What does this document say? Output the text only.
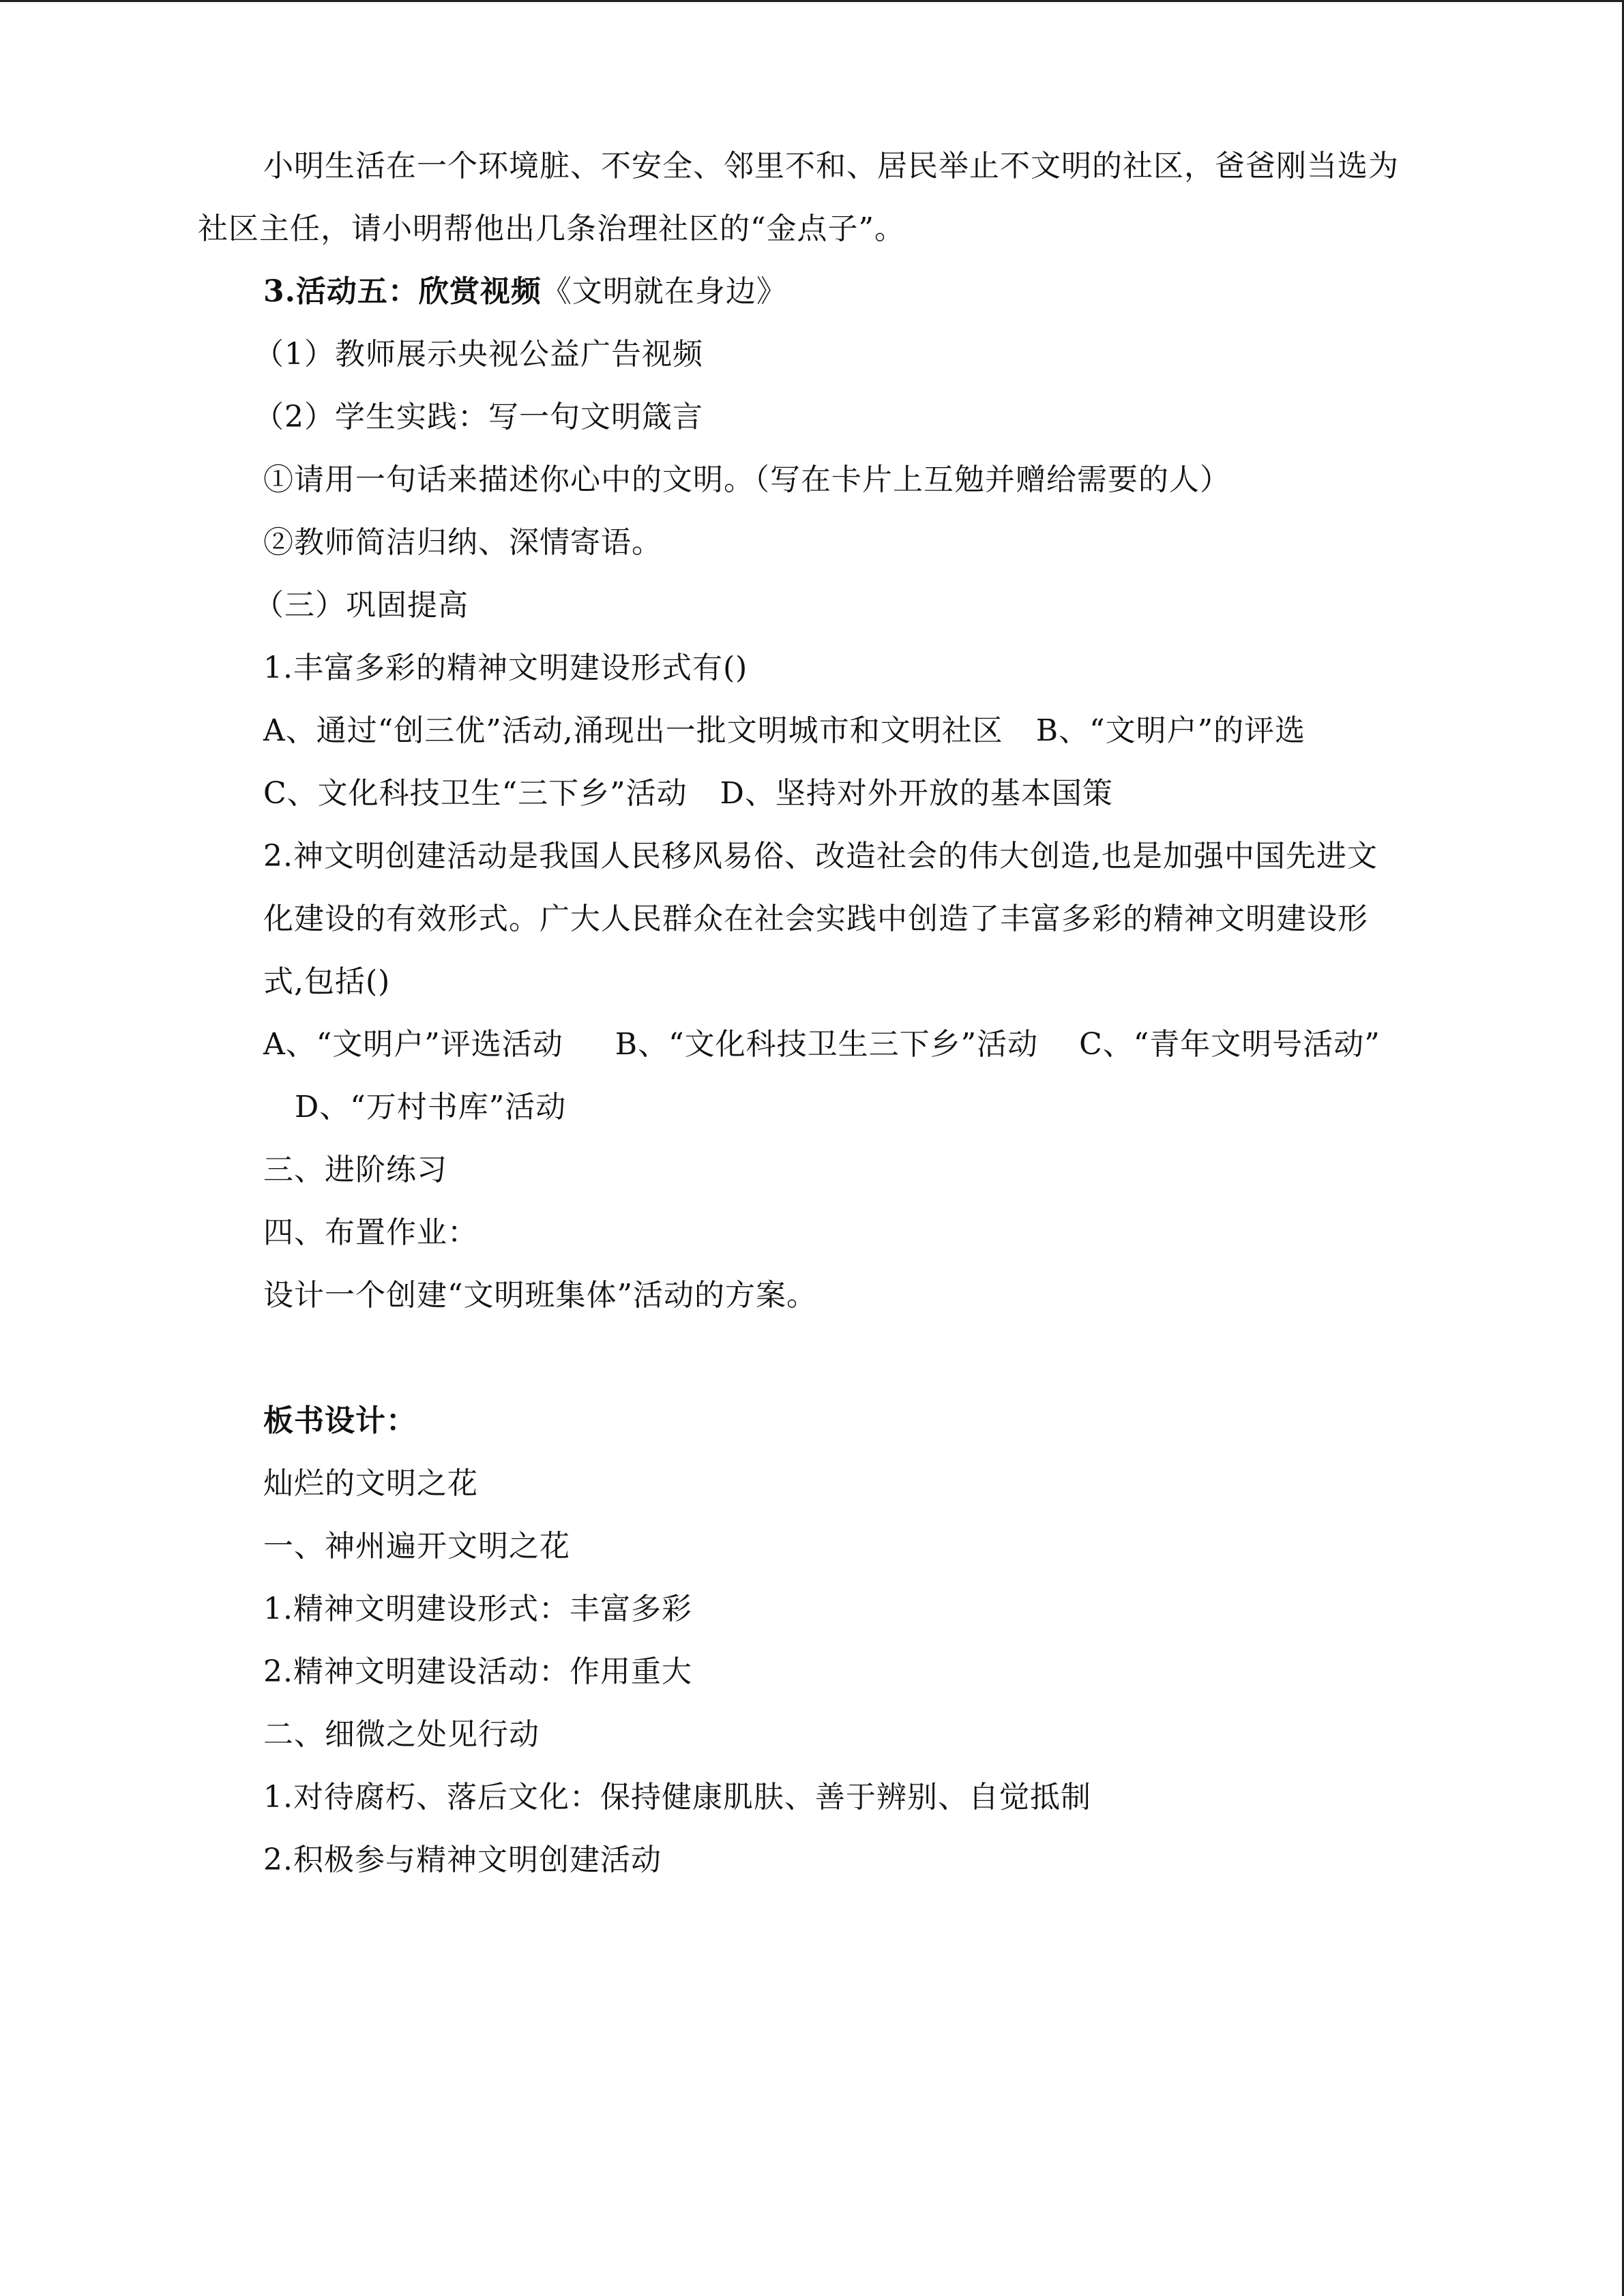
小明生活在一个环境脏、不安全、邻里不和、居民举止不文明的社区，爸爸刚当选为
社区主任，请小明帮他出几条治理社区的“金点子”。
3.活动五：欣赏视频《文明就在身边》
（1）教师展示央视公益广告视频
（2）学生实践：写一句文明箴言
①请用一句话来描述你心中的文明。（写在卡片上互勉并赠给需要的人）
②教师简洁归纳、深情寄语。
（三）巩固提高
1.丰富多彩的精神文明建设形式有()
A、通过“创三优”活动,涌现出一批文明城市和文明社区 B、“文明户”的评选
C、文化科技卫生“三下乡”活动 D、坚持对外开放的基本国策
2.神文明创建活动是我国人民移风易俗、改造社会的伟大创造,也是加强中国先进文
化建设的有效形式。广大人民群众在社会实践中创造了丰富多彩的精神文明建设形
式,包括()
A、“文明户”评选活动 B、“文化科技卫生三下乡”活动 C、“青年文明号活动”
D、“万村书库”活动
三、进阶练习
四、布置作业：
设计一个创建“文明班集体”活动的方案。
板书设计：
灿烂的文明之花
一、神州遍开文明之花
1.精神文明建设形式：丰富多彩
2.精神文明建设活动：作用重大
二、细微之处见行动
1.对待腐朽、落后文化：保持健康肌肤、善于辨别、自觉抵制
2.积极参与精神文明创建活动
